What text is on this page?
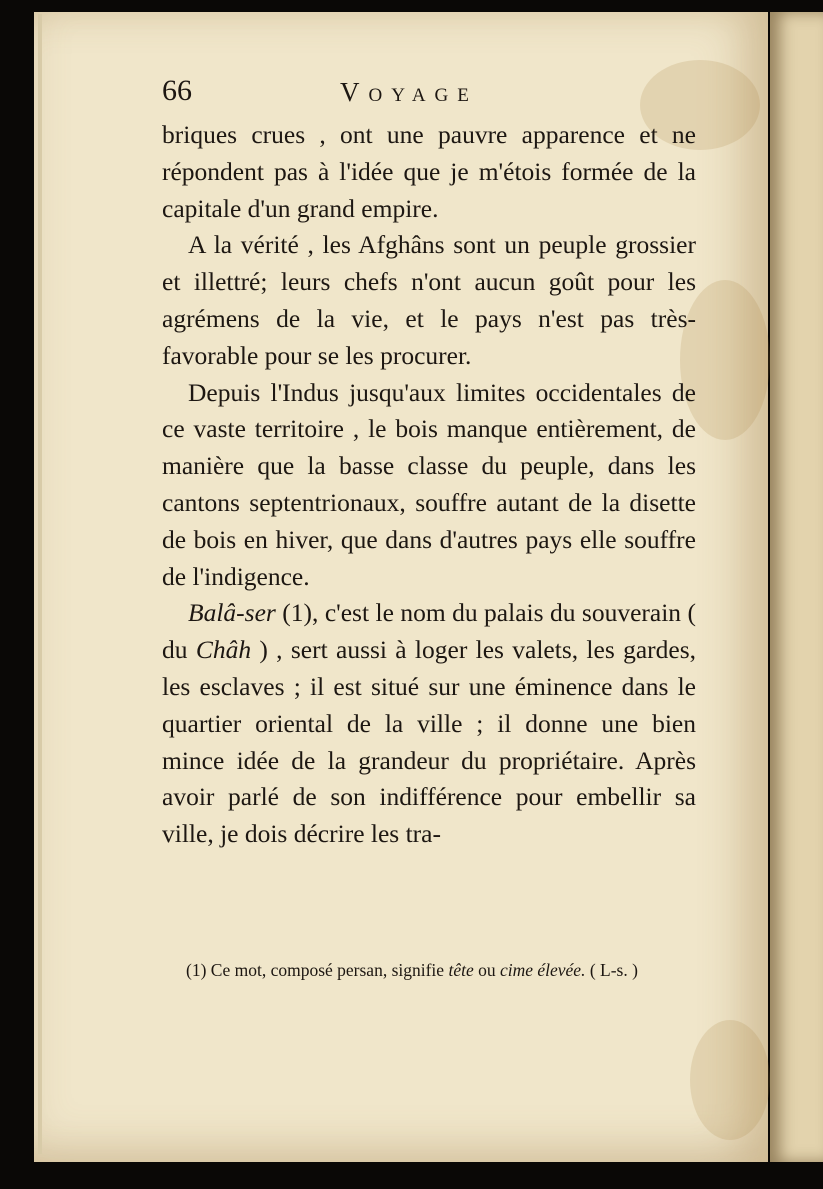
66	Voyage

briques crues , ont une pauvre apparence et ne répondent pas à l'idée que je m'étois formée de la capitale d'un grand empire.

A la vérité , les Afghâns sont un peuple grossier et illettré; leurs chefs n'ont aucun goût pour les agrémens de la vie, et le pays n'est pas très-favorable pour se les procurer.

Depuis l'Indus jusqu'aux limites occidentales de ce vaste territoire , le bois manque entièrement, de manière que la basse classe du peuple, dans les cantons septentrionaux, souffre autant de la disette de bois en hiver, que dans d'autres pays elle souffre de l'indigence.

Balâ-ser (1), c'est le nom du palais du souverain ( du Châh ) , sert aussi à loger les valets, les gardes, les esclaves ; il est situé sur une éminence dans le quartier oriental de la ville ; il donne une bien mince idée de la grandeur du propriétaire. Après avoir parlé de son indifférence pour embellir sa ville, je dois décrire les tra-

(1) Ce mot, composé persan, signifie tête ou cime élevée. ( L-s. )
